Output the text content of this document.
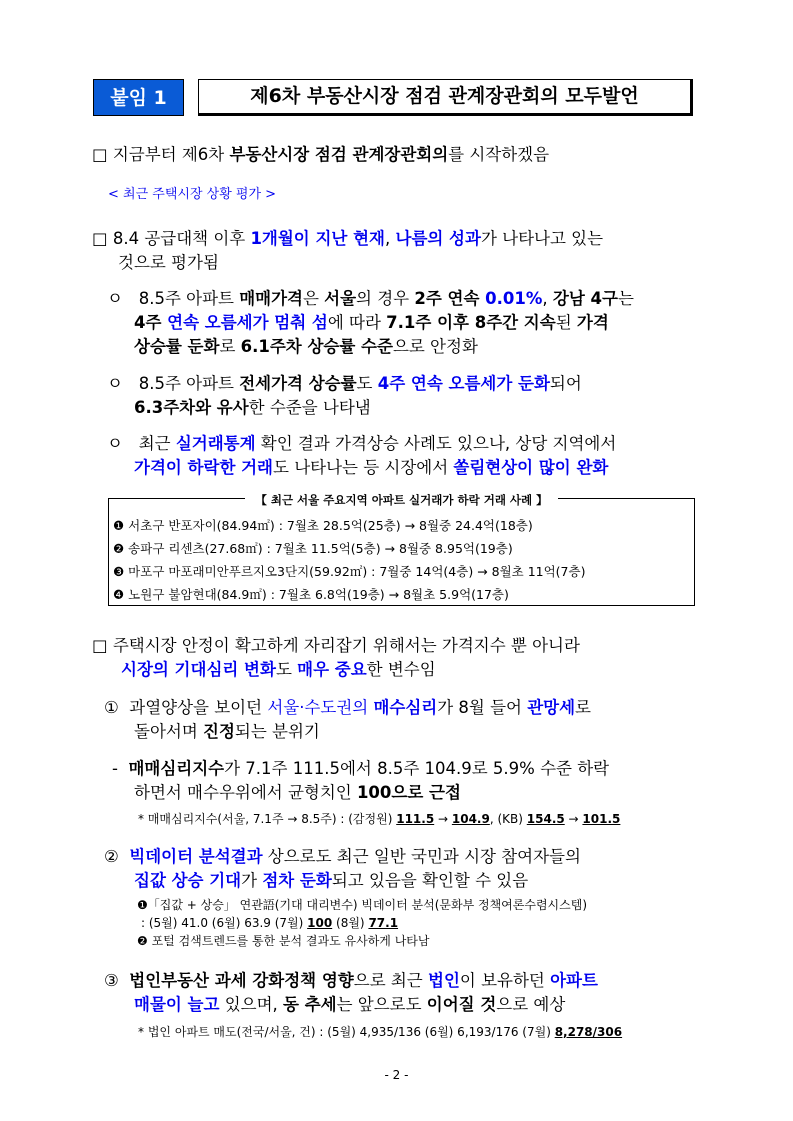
붙임 1	제6차 부동산시장 점검 관계장관회의 모두발언
□ 지금부터 제6차 부동산시장 점검 관계장관회의를 시작하겠음
< 최근 주택시장 상황 평가 >
□ 8.4 공급대책 이후 1개월이 지난 현재, 나름의 성과가 나타나고 있는
것으로 평가됨
ㅇ 8.5주 아파트 매매가격은 서울의 경우 2주 연속 0.01%, 강남 4구는
4주 연속 오름세가 멈춰 섬에 따라 7.1주 이후 8주간 지속된 가격
상승률 둔화로 6.1주차 상승률 수준으로 안정화
ㅇ 8.5주 아파트 전세가격 상승률도 4주 연속 오름세가 둔화되어
6.3주차와 유사한 수준을 나타냄
ㅇ 최근 실거래통계 확인 결과 가격상승 사례도 있으나, 상당 지역에서
가격이 하락한 거래도 나타나는 등 시장에서 쏠림현상이 많이 완화
【 최근 서울 주요지역 아파트 실거래가 하락 거래 사례 】
❶ 서초구 반포자이(84.94㎡) : 7월초 28.5억(25층) → 8월중 24.4억(18층)
❷ 송파구 리센츠(27.68㎡) : 7월초 11.5억(5층) → 8월중 8.95억(19층)
❸ 마포구 마포래미안푸르지오3단지(59.92㎡) : 7월중 14억(4층) → 8월초 11억(7층)
❹ 노원구 불암현대(84.9㎡) : 7월초 6.8억(19층) → 8월초 5.9억(17층)
□ 주택시장 안정이 확고하게 자리잡기 위해서는 가격지수 뿐 아니라
시장의 기대심리 변화도 매우 중요한 변수임
① 과열양상을 보이던 서울·수도권의 매수심리가 8월 들어 관망세로
돌아서며 진정되는 분위기
- 매매심리지수가 7.1주 111.5에서 8.5주 104.9로 5.9% 수준 하락
하면서 매수우위에서 균형치인 100으로 근접
* 매매심리지수(서울, 7.1주 → 8.5주) : (감정원) 111.5 → 104.9, (KB) 154.5 → 101.5
② 빅데이터 분석결과 상으로도 최근 일반 국민과 시장 참여자들의
집값 상승 기대가 점차 둔화되고 있음을 확인할 수 있음
❶「집값 + 상승」 연관語(기대 대리변수) 빅데이터 분석(문화부 정책여론수렴시스템)
: (5월) 41.0 (6월) 63.9 (7월) 100 (8월) 77.1
❷ 포털 검색트렌드를 통한 분석 결과도 유사하게 나타남
③ 법인부동산 과세 강화정책 영향으로 최근 법인이 보유하던 아파트
매물이 늘고 있으며, 동 추세는 앞으로도 이어질 것으로 예상
* 법인 아파트 매도(전국/서울, 건) : (5월) 4,935/136 (6월) 6,193/176 (7월) 8,278/306
- 2 -
